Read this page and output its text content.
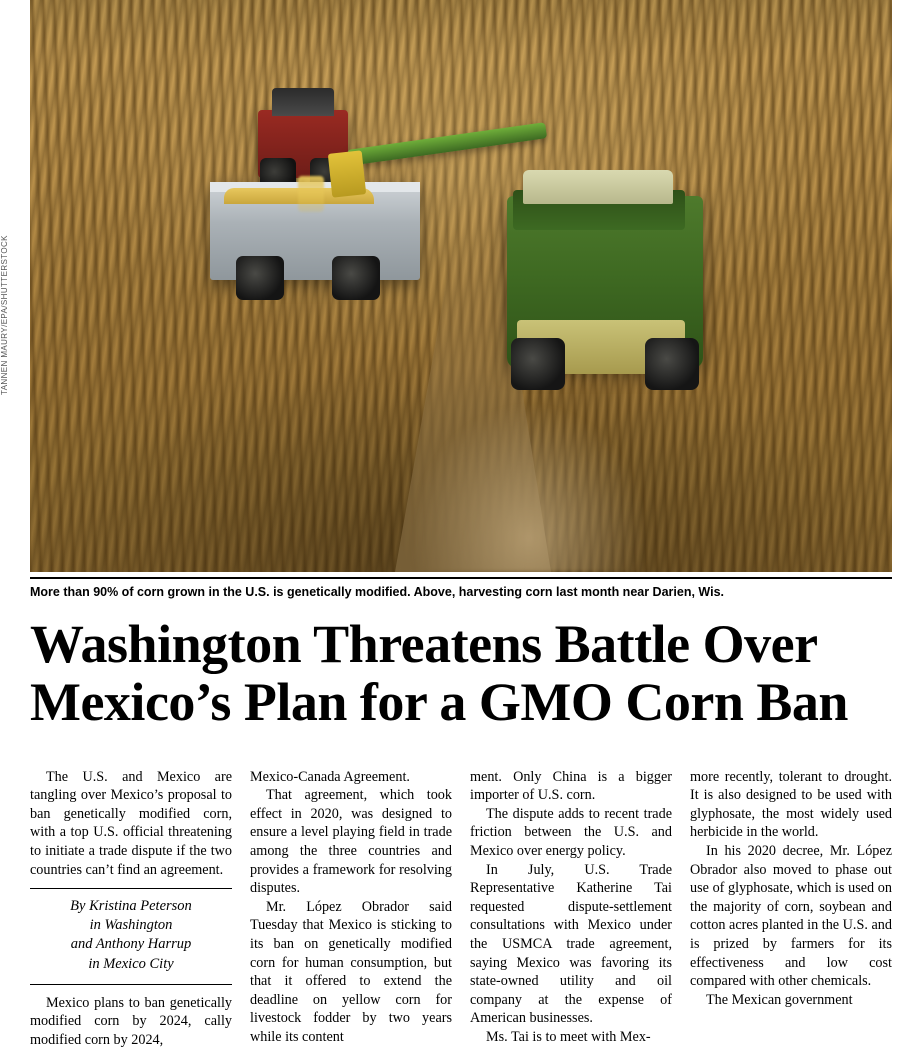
TANNEN MAURY/EPA/SHUTTERSTOCK
More than 90% of corn grown in the U.S. is genetically modified. Above, harvesting corn last month near Darien, Wis.
Washington Threatens Battle Over Mexico’s Plan for a GMO Corn Ban

The U.S. and Mexico are tangling over Mexico’s proposal to ban genetically modified corn, with a top U.S. official threatening to initiate a trade dispute if the two countries can’t find an agreement.

By Kristina Peterson
in Washington
and Anthony Harrup
in Mexico City

Mexico plans to ban genetically modified corn by 2024, cally modified corn by 2024,

Mexico-Canada Agreement.

That agreement, which took effect in 2020, was designed to ensure a level playing field in trade among the three countries and provides a framework for resolving disputes.

Mr. López Obrador said Tuesday that Mexico is sticking to its ban on genetically modified corn for human consumption, but that it offered to extend the deadline on yellow corn for livestock fodder by two years while its content

ment. Only China is a bigger importer of U.S. corn.

The dispute adds to recent trade friction between the U.S. and Mexico over energy policy.

In July, U.S. Trade Representative Katherine Tai requested dispute-settlement consultations with Mexico under the USMCA trade agreement, saying Mexico was favoring its state-owned utility and oil company at the expense of American businesses.

Ms. Tai is to meet with Mex-

more recently, tolerant to drought. It is also designed to be used with glyphosate, the most widely used herbicide in the world.

In his 2020 decree, Mr. López Obrador also moved to phase out use of glyphosate, which is used on the majority of corn, soybean and cotton acres planted in the U.S. and is prized by farmers for its effectiveness and low cost compared with other chemicals.

The Mexican government
